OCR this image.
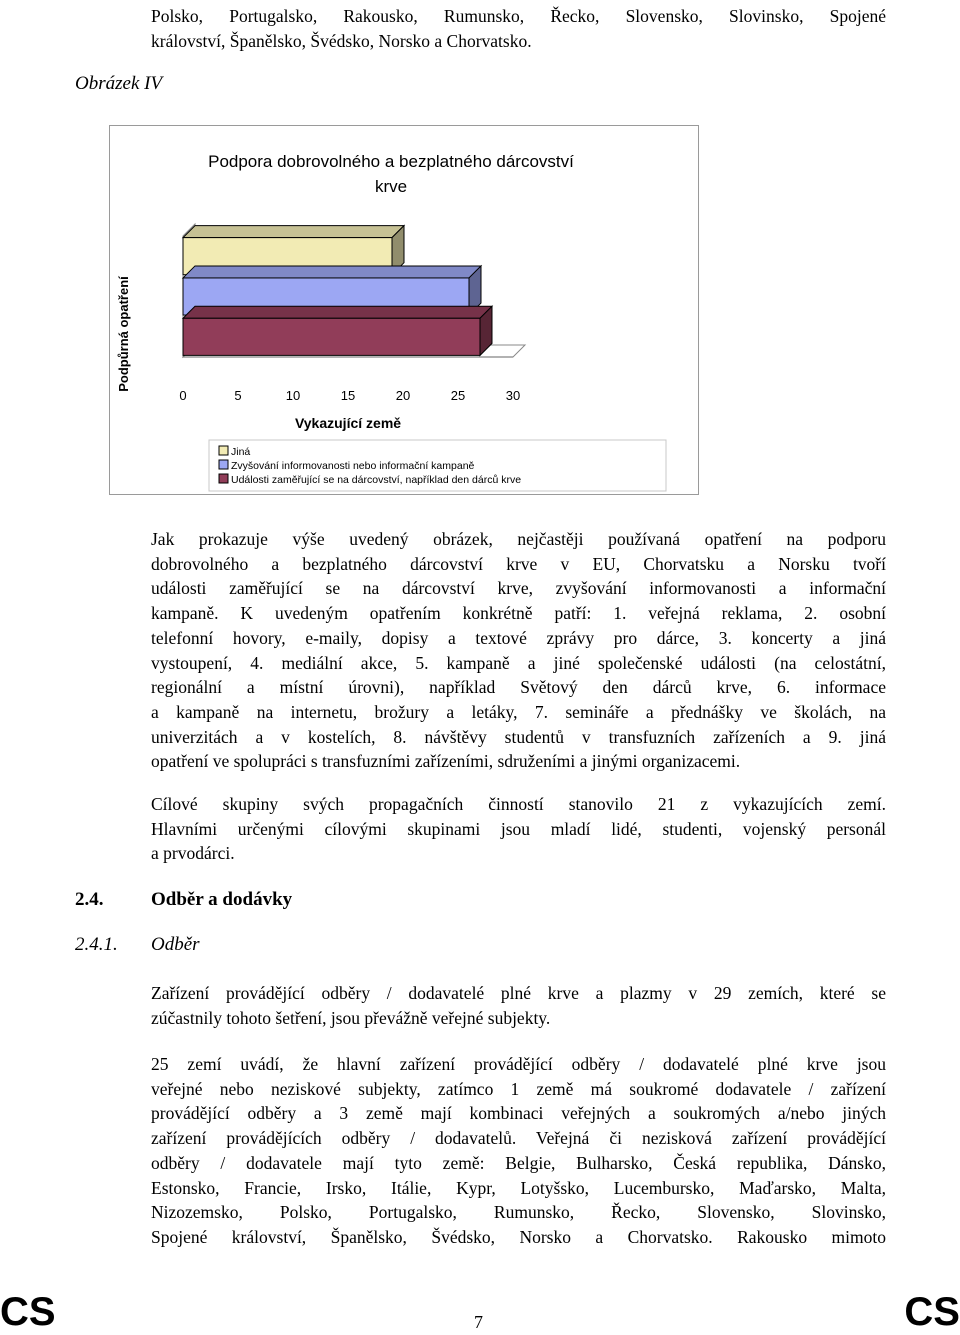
Polsko, Portugalsko, Rakousko, Rumunsko, Řecko, Slovensko, Slovinsko, Spojené
království, Španělsko, Švédsko, Norsko a Chorvatsko.
Obrázek IV
Podpora dobrovolného a bezplatného dárcovství
krve
Podpůrná opatření
0	5	10	15	20	25	30
Vykazující země
Jiná
Zvyšování informovanosti nebo informační kampaně
Události zaměřující se na dárcovství, například den dárců krve
Jak prokazuje výše uvedený obrázek, nejčastěji používaná opatření na podporu
dobrovolného a bezplatného dárcovství krve v EU, Chorvatsku a Norsku tvoří
události zaměřující se na dárcovství krve, zvyšování informovanosti a informační
kampaně. K uvedeným opatřením konkrétně patří: 1. veřejná reklama, 2. osobní
telefonní hovory, e-maily, dopisy a textové zprávy pro dárce, 3. koncerty a jiná
vystoupení, 4. mediální akce, 5. kampaně a jiné společenské události (na celostátní,
regionální a místní úrovni), například Světový den dárců krve, 6. informace
a kampaně na internetu, brožury a letáky, 7. semináře a přednášky ve školách, na
univerzitách a v kostelích, 8. návštěvy studentů v transfuzních zařízeních a 9. jiná
opatření ve spolupráci s transfuzními zařízeními, sdruženími a jinými organizacemi.
Cílové skupiny svých propagačních činností stanovilo 21 z vykazujících zemí.
Hlavními určenými cílovými skupinami jsou mladí lidé, studenti, vojenský personál
a prvodárci.
2.4.	Odběr a dodávky
2.4.1. Odběr
Zařízení provádějící odběry / dodavatelé plné krve a plazmy v 29 zemích, které se
zúčastnily tohoto šetření, jsou převážně veřejné subjekty.
25 zemí uvádí, že hlavní zařízení provádějící odběry / dodavatelé plné krve jsou
veřejné nebo neziskové subjekty, zatímco 1 země má soukromé dodavatele / zařízení
provádějící odběry a 3 země mají kombinaci veřejných a soukromých a/nebo jiných
zařízení provádějících odběry / dodavatelů. Veřejná či nezisková zařízení provádějící
odběry / dodavatele mají tyto země: Belgie, Bulharsko, Česká republika, Dánsko,
Estonsko, Francie, Irsko, Itálie, Kypr, Lotyšsko, Lucembursko, Maďarsko, Malta,
Nizozemsko, Polsko, Portugalsko, Rumunsko, Řecko, Slovensko, Slovinsko,
Spojené království, Španělsko, Švédsko, Norsko a Chorvatsko. Rakousko mimoto
CS	7	CS
